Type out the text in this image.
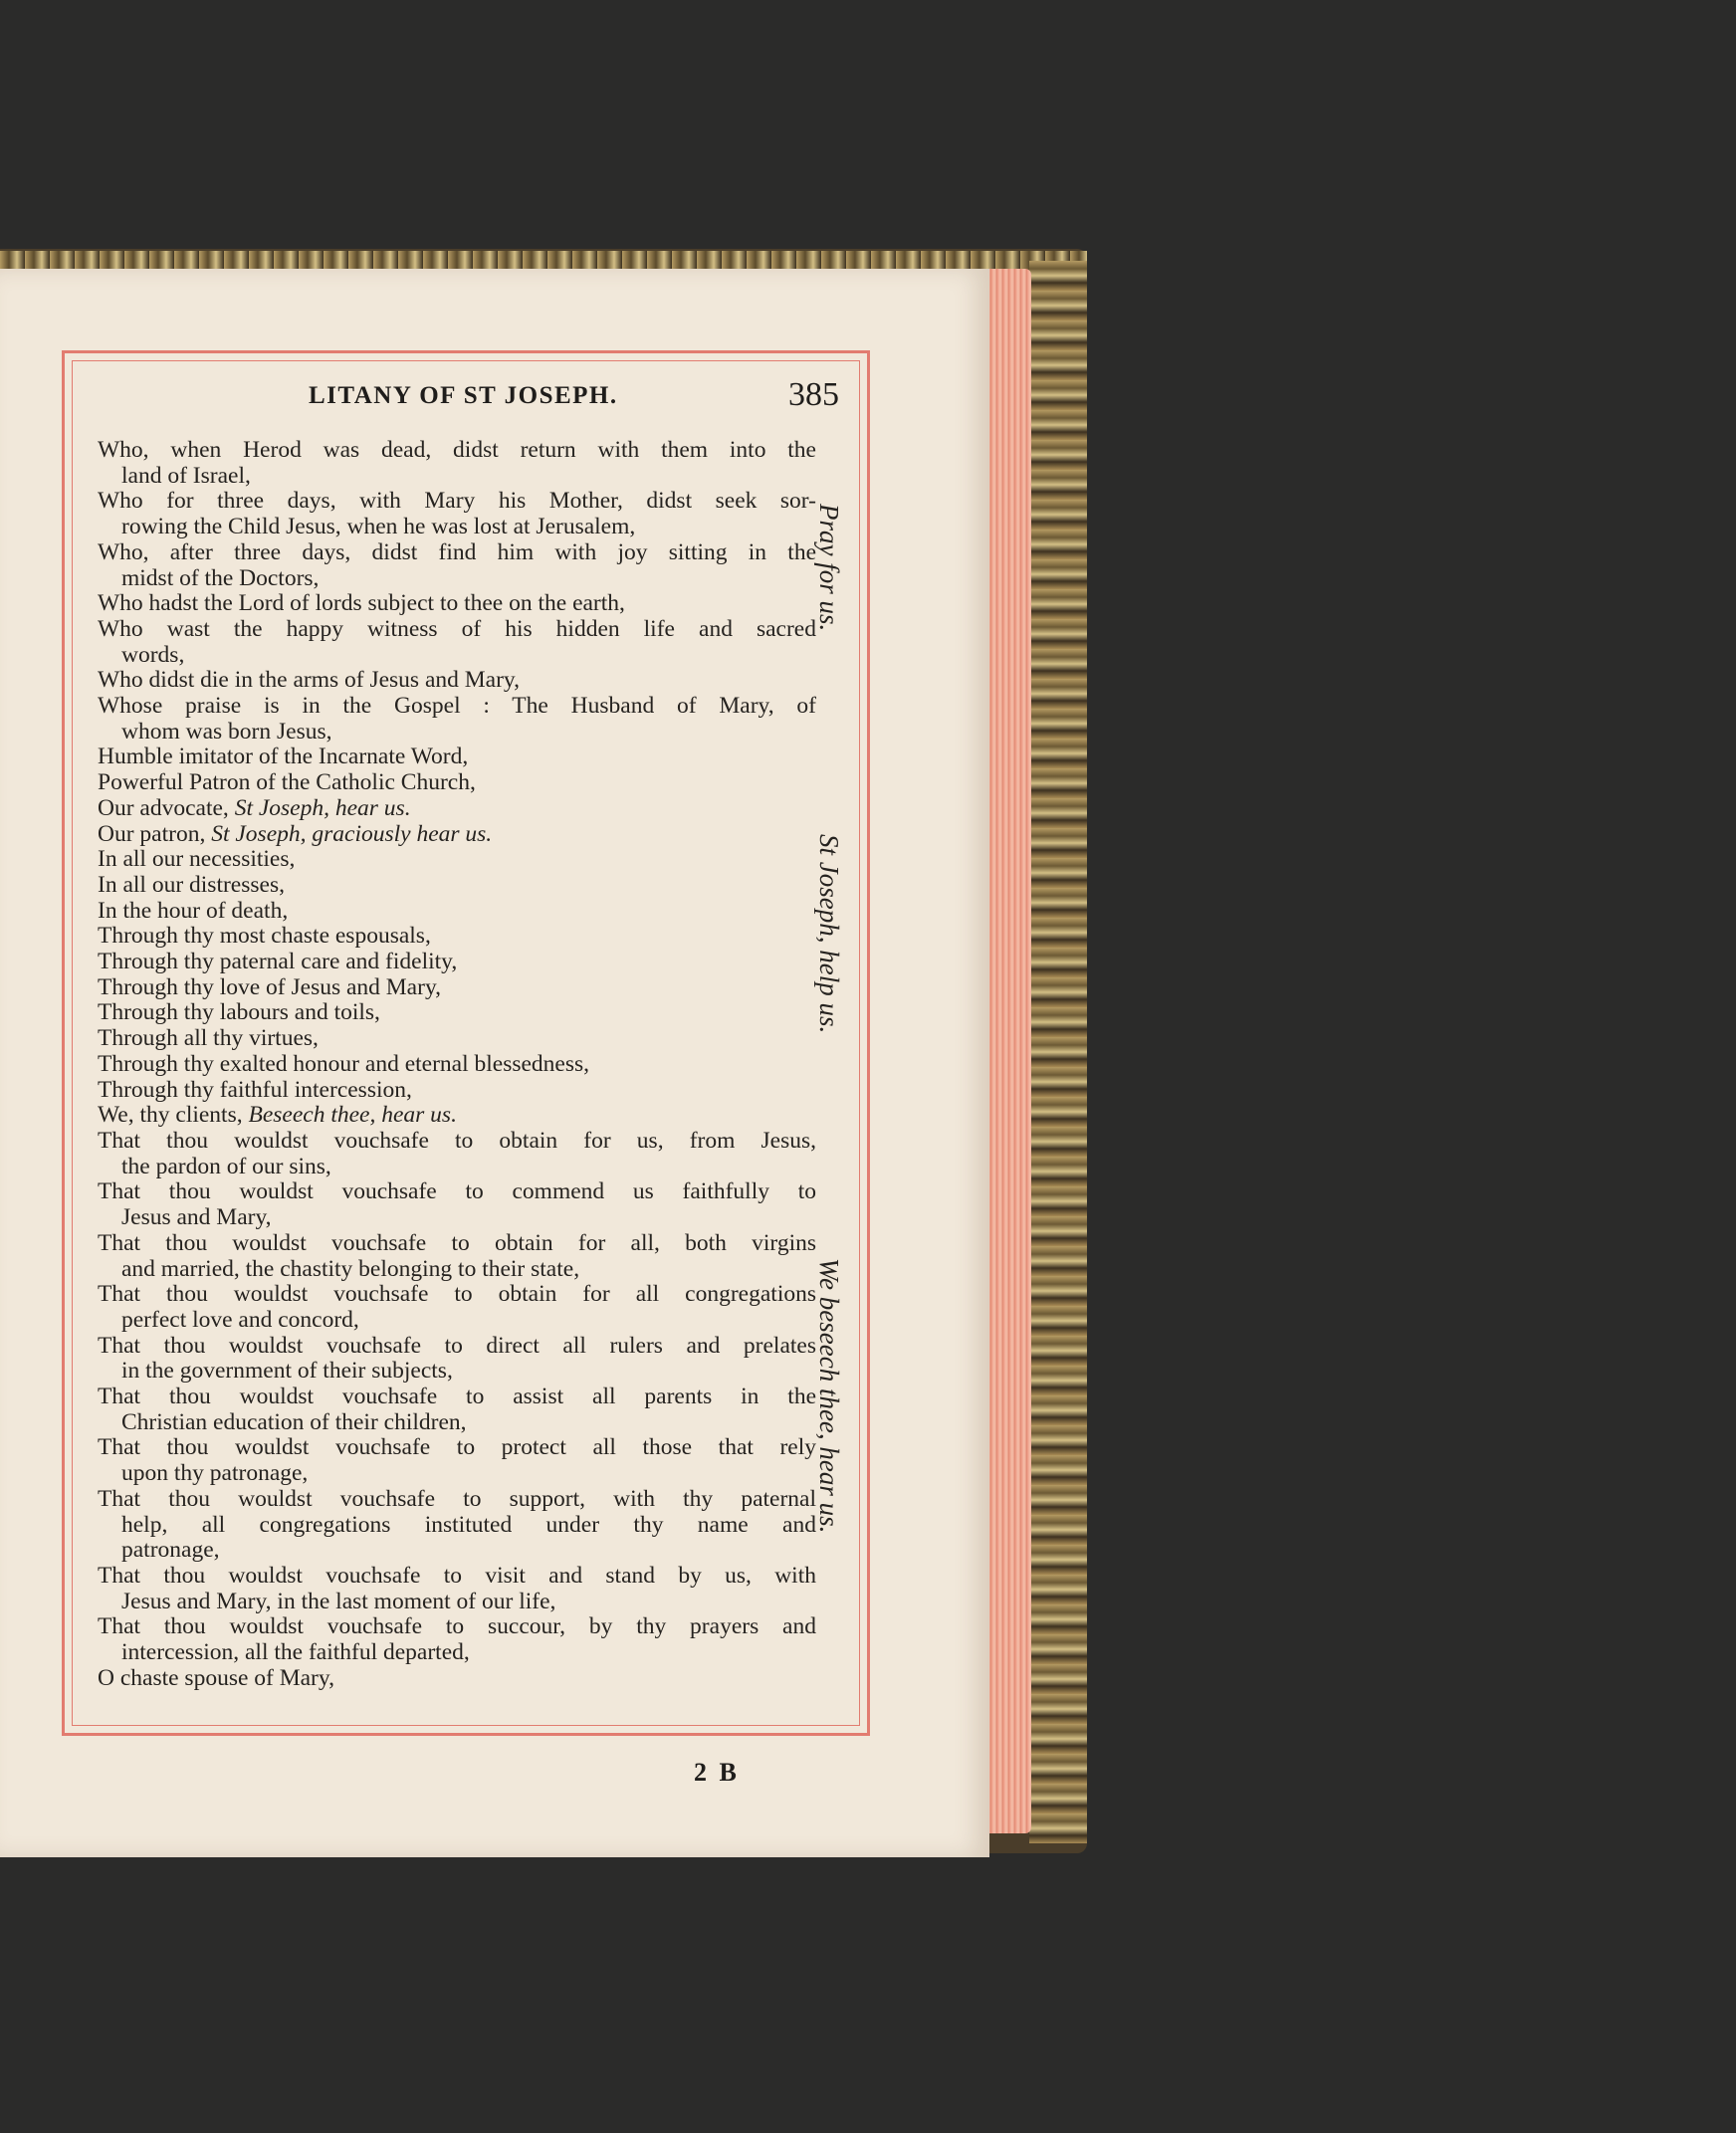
LITANY OF ST JOSEPH.	385
Who, when Herod was dead, didst return with them into the
land of Israel,
Who for three days, with Mary his Mother, didst seek sor-
rowing the Child Jesus, when he was lost at Jerusalem,
Who, after three days, didst find him with joy sitting in the
midst of the Doctors,
Who hadst the Lord of lords subject to thee on the earth,
Who wast the happy witness of his hidden life and sacred
words,
Who didst die in the arms of Jesus and Mary,
Whose praise is in the Gospel : The Husband of Mary, of
whom was born Jesus,
Humble imitator of the Incarnate Word,
Powerful Patron of the Catholic Church,
Our advocate, St Joseph, hear us.
Our patron, St Joseph, graciously hear us.
In all our necessities,
In all our distresses,
In the hour of death,
Through thy most chaste espousals,
Through thy paternal care and fidelity,
Through thy love of Jesus and Mary,
Through thy labours and toils,
Through all thy virtues,
Through thy exalted honour and eternal blessedness,
Through thy faithful intercession,
We, thy clients, Beseech thee, hear us.
That thou wouldst vouchsafe to obtain for us, from Jesus,
the pardon of our sins,
That thou wouldst vouchsafe to commend us faithfully to
Jesus and Mary,
That thou wouldst vouchsafe to obtain for all, both virgins
and married, the chastity belonging to their state,
That thou wouldst vouchsafe to obtain for all congregations
perfect love and concord,
That thou wouldst vouchsafe to direct all rulers and prelates
in the government of their subjects,
That thou wouldst vouchsafe to assist all parents in the
Christian education of their children,
That thou wouldst vouchsafe to protect all those that rely
upon thy patronage,
That thou wouldst vouchsafe to support, with thy paternal
help, all congregations instituted under thy name and
patronage,
That thou wouldst vouchsafe to visit and stand by us, with
Jesus and Mary, in the last moment of our life,
That thou wouldst vouchsafe to succour, by thy prayers and
intercession, all the faithful departed,
O chaste spouse of Mary,
Pray for us.
St Joseph, help us.
We beseech thee, hear us.
2 B
